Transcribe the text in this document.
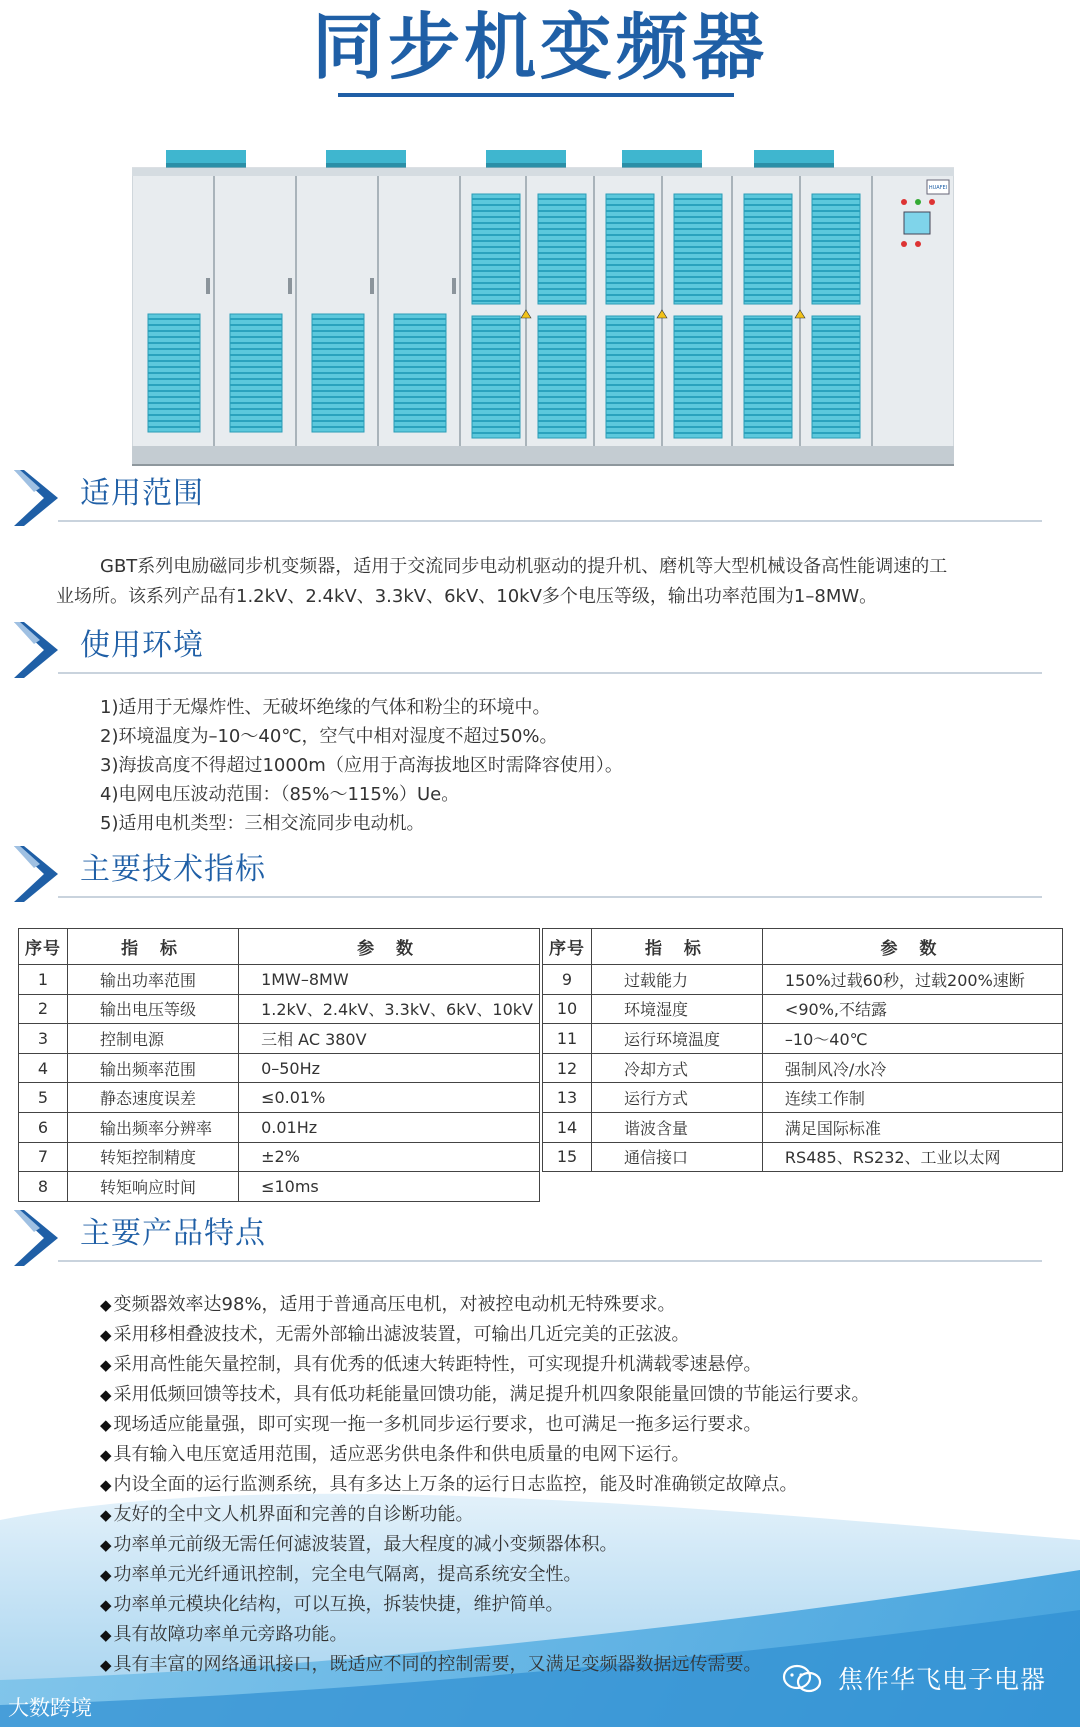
同步机变频器
HUAFEI
适用范围
GBT系列电励磁同步机变频器，适用于交流同步电动机驱动的提升机、磨机等大型机械设备高性能调速的工
业场所。该系列产品有1.2kV、2.4kV、3.3kV、6kV、10kV多个电压等级，输出功率范围为1–8MW。
使用环境
1)适用于无爆炸性、无破坏绝缘的气体和粉尘的环境中。
2)环境温度为–10～40℃，空气中相对湿度不超过50%。
3)海拔高度不得超过1000m（应用于高海拔地区时需降容使用）。
4)电网电压波动范围：（85%～115%）Ue。
5)适用电机类型：三相交流同步电动机。
主要技术指标
序号	指 标	参 数
1	输出功率范围	1MW–8MW
2	输出电压等级	1.2kV、2.4kV、3.3kV、6kV、10kV
3	控制电源	三相 AC 380V
4	输出频率范围	0–50Hz
5	静态速度误差	≤0.01%
6	输出频率分辨率	0.01Hz
7	转矩控制精度	±2%
8	转矩响应时间	≤10ms
序号	指 标	参 数
9	过载能力	150%过载60秒，过载200%速断
10	环境湿度	<90%,不结露
11	运行环境温度	–10～40℃
12	冷却方式	强制风冷/水冷
13	运行方式	连续工作制
14	谐波含量	满足国际标准
15	通信接口	RS485、RS232、工业以太网
主要产品特点
◆ 变频器效率达98%，适用于普通高压电机，对被控电动机无特殊要求。
◆ 采用移相叠波技术，无需外部输出滤波装置，可输出几近完美的正弦波。
◆ 采用高性能矢量控制，具有优秀的低速大转距特性，可实现提升机满载零速悬停。
◆ 采用低频回馈等技术，具有低功耗能量回馈功能，满足提升机四象限能量回馈的节能运行要求。
◆ 现场适应能量强，即可实现一拖一多机同步运行要求，也可满足一拖多运行要求。
◆ 具有输入电压宽适用范围，适应恶劣供电条件和供电质量的电网下运行。
◆ 内设全面的运行监测系统，具有多达上万条的运行日志监控，能及时准确锁定故障点。
◆ 友好的全中文人机界面和完善的自诊断功能。
◆ 功率单元前级无需任何滤波装置，最大程度的减小变频器体积。
◆ 功率单元光纤通讯控制，完全电气隔离，提高系统安全性。
◆ 功率单元模块化结构，可以互换，拆装快捷，维护简单。
◆ 具有故障功率单元旁路功能。
◆ 具有丰富的网络通讯接口，既适应不同的控制需要，又满足变频器数据远传需要。
焦作华飞电子电器
大数跨境
